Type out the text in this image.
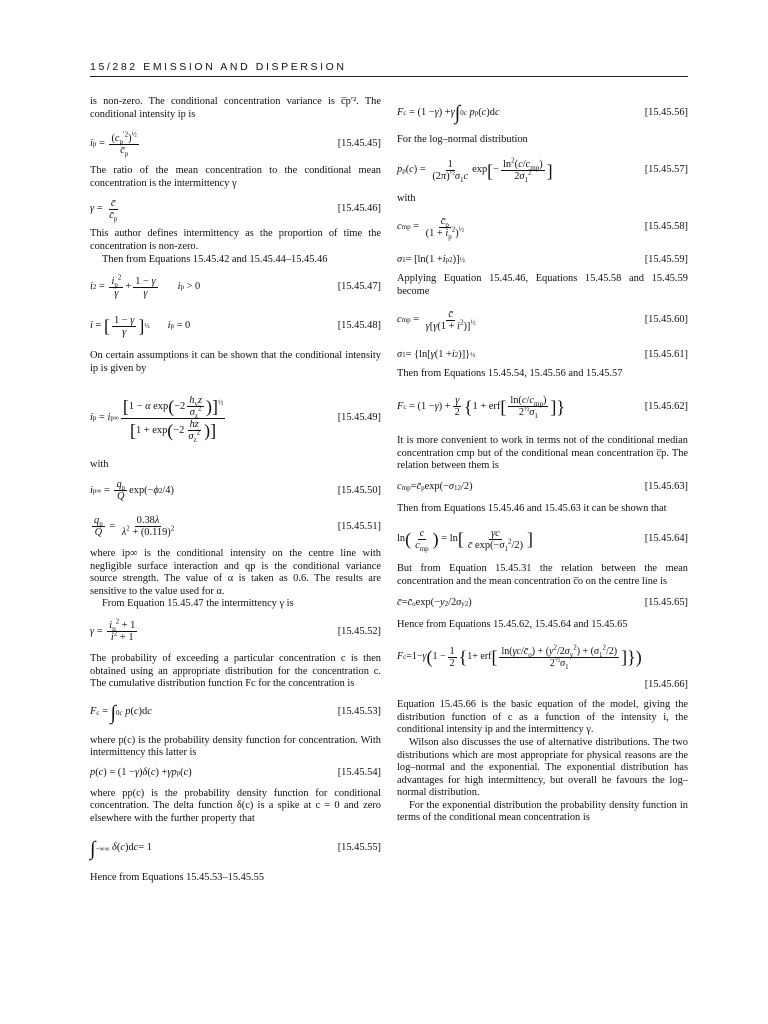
15/282 EMISSION AND DISPERSION

is non-zero. The conditional concentration variance is c̅p′². The conditional intensity ip is

i $p = \frac{(c_p^{'2})^{\frac{1}{2}}}{c̄_p}$	[15.45.45]

The ratio of the mean concentration to the conditional mean concentration is the intermittency γ

$\gamma = \frac{c̄}{c̄_p}$	[15.45.46]

This author defines intermittency as the proportion of time the concentration is non-zero.

Then from Equations 15.45.42 and 15.45.44–15.45.46

i $2 = \frac{i_p^2}{\gamma} + \frac{1 - \gamma}{\gamma}$ i p > 0	[15.45.47]
i = [ $\frac{1 - \gamma}{\gamma}$ ] ½ i p = 0	[15.45.48]

On certain assumptions it can be shown that the conditional intensity ip is given by

i p = i $p\infty \frac{[1 - \alpha \exp(-2 \frac{h_vz}{\sigma_z^2} )]^{\frac{1}{2}}}{[1 + \exp(-2 \frac{hz}{\sigma_z^2} )]}$	[15.45.49]

with

i $p\infty = \frac{q_p}{Q} \exp(- \phi$ 2 /4)	[15.45.50]
$\frac{q_p}{Q} = \frac{0.38\lambda}{\lambda^2 + (0.119)^2}$	[15.45.51]

where ip∞ is the conditional intensity on the centre line with negligible surface interaction and qp is the conditional variance source strength. The value of α is taken as 0.6. The results are sensitive to the value used for α.

From Equation 15.45.47 the intermittency γ is

$\gamma = \frac{i_p^2 + 1}{i^2 + 1}$	[15.45.52]

The probability of exceeding a particular concentration c is then obtained using an appropriate distribution for the concentration c. The cumulative distribution function Fc for the concentration is

F c = ∫ 0 c
p ( c )d c	[15.45.53]

where p(c) is the probability density function for concentration. With intermittency this latter is

p ( c ) = (1 − γ ) δ ( c ) + γp p ( c )	[15.45.54]

where pp(c) is the probability density function for conditional concentration. The delta function δ(c) is a spike at c = 0 and zero elsewhere with the further property that

∫ −∞ ∞
δ ( c )d c = 1	[15.45.55]

Hence from Equations 15.45.53–15.45.55

F c = (1 − γ ) + γ ∫ 0 c
p p ( c )d c	[15.45.56]

For the log–normal distribution

p p ( c ) = $\frac{1}{(2\pi)^{\frac{1}{2}}\sigma_1c}$ exp [ − $\frac{\ln^2(c/c_{mp})}{2\sigma_1^2}$ ]	[15.45.57]

with

c mp = $\frac{c̄_p}{(1 + i_p^2)^{\frac{1}{2}}}$	[15.45.58]
σ 1 = [ln(1 + i p 2 )] ½	[15.45.59]

Applying Equation 15.45.46, Equations 15.45.58 and 15.45.59 become

c mp = $\frac{c̄}{\gamma[\gamma(1 + i^2)]^{\frac{1}{2}}}$	[15.45.60]
σ 1 = {ln[ γ (1 + i 2 )]} ½	[15.45.61]

Then from Equations 15.45.54, 15.45.56 and 15.45.57

F c = (1 − γ ) + $\frac{\gamma}{2}$ { 1 + erf [ $\frac{\ln(c/c_{mp})}{2^{\frac{1}{2}}\sigma_1}$ ] }	[15.45.62]

It is more convenient to work in terms not of the conditional median concentration cmp but of the conditional mean concentration c̅p. The relation between them is

c mp = c̄ p exp(− σ 1 2 /2)	[15.45.63]

Then from Equations 15.45.46 and 15.45.63 it can be shown that

ln ( $\frac{c}{c_{mp}}$ ) = ln [ $\frac{\gamma c}{c̄ \exp(-\sigma_1^2/2)}$ ]	[15.45.64]

But from Equation 15.45.31 the relation between the mean concentration and the mean concentration c̅o on the centre line is

c̄ = c̄ o exp(− y 2 /2 σ y 2 )	[15.45.65]

Hence from Equations 15.45.62, 15.45.64 and 15.45.65

F c =1− γ ( $1 - \frac{1}{2}$ { 1+ erf [ $\frac{\ln(\gamma c/c̄_o) + (y^2/2\sigma_y^2) + (\sigma_1^2/2)}{2^{\frac{1}{2}}\sigma_1}$ ] } )
[15.45.66]

Equation 15.45.66 is the basic equation of the model, giving the distribution function of c as a function of the intensity i, the conditional intensity ip and the intermittency γ.

Wilson also discusses the use of alternative distributions. The two distributions which are most appropriate for physical reasons are the log–normal and the exponential. The exponential distribution has advantages for high intermittency, but overall he favours the log–normal distribution.

For the exponential distribution the probability density function in terms of the conditional mean concentration is
